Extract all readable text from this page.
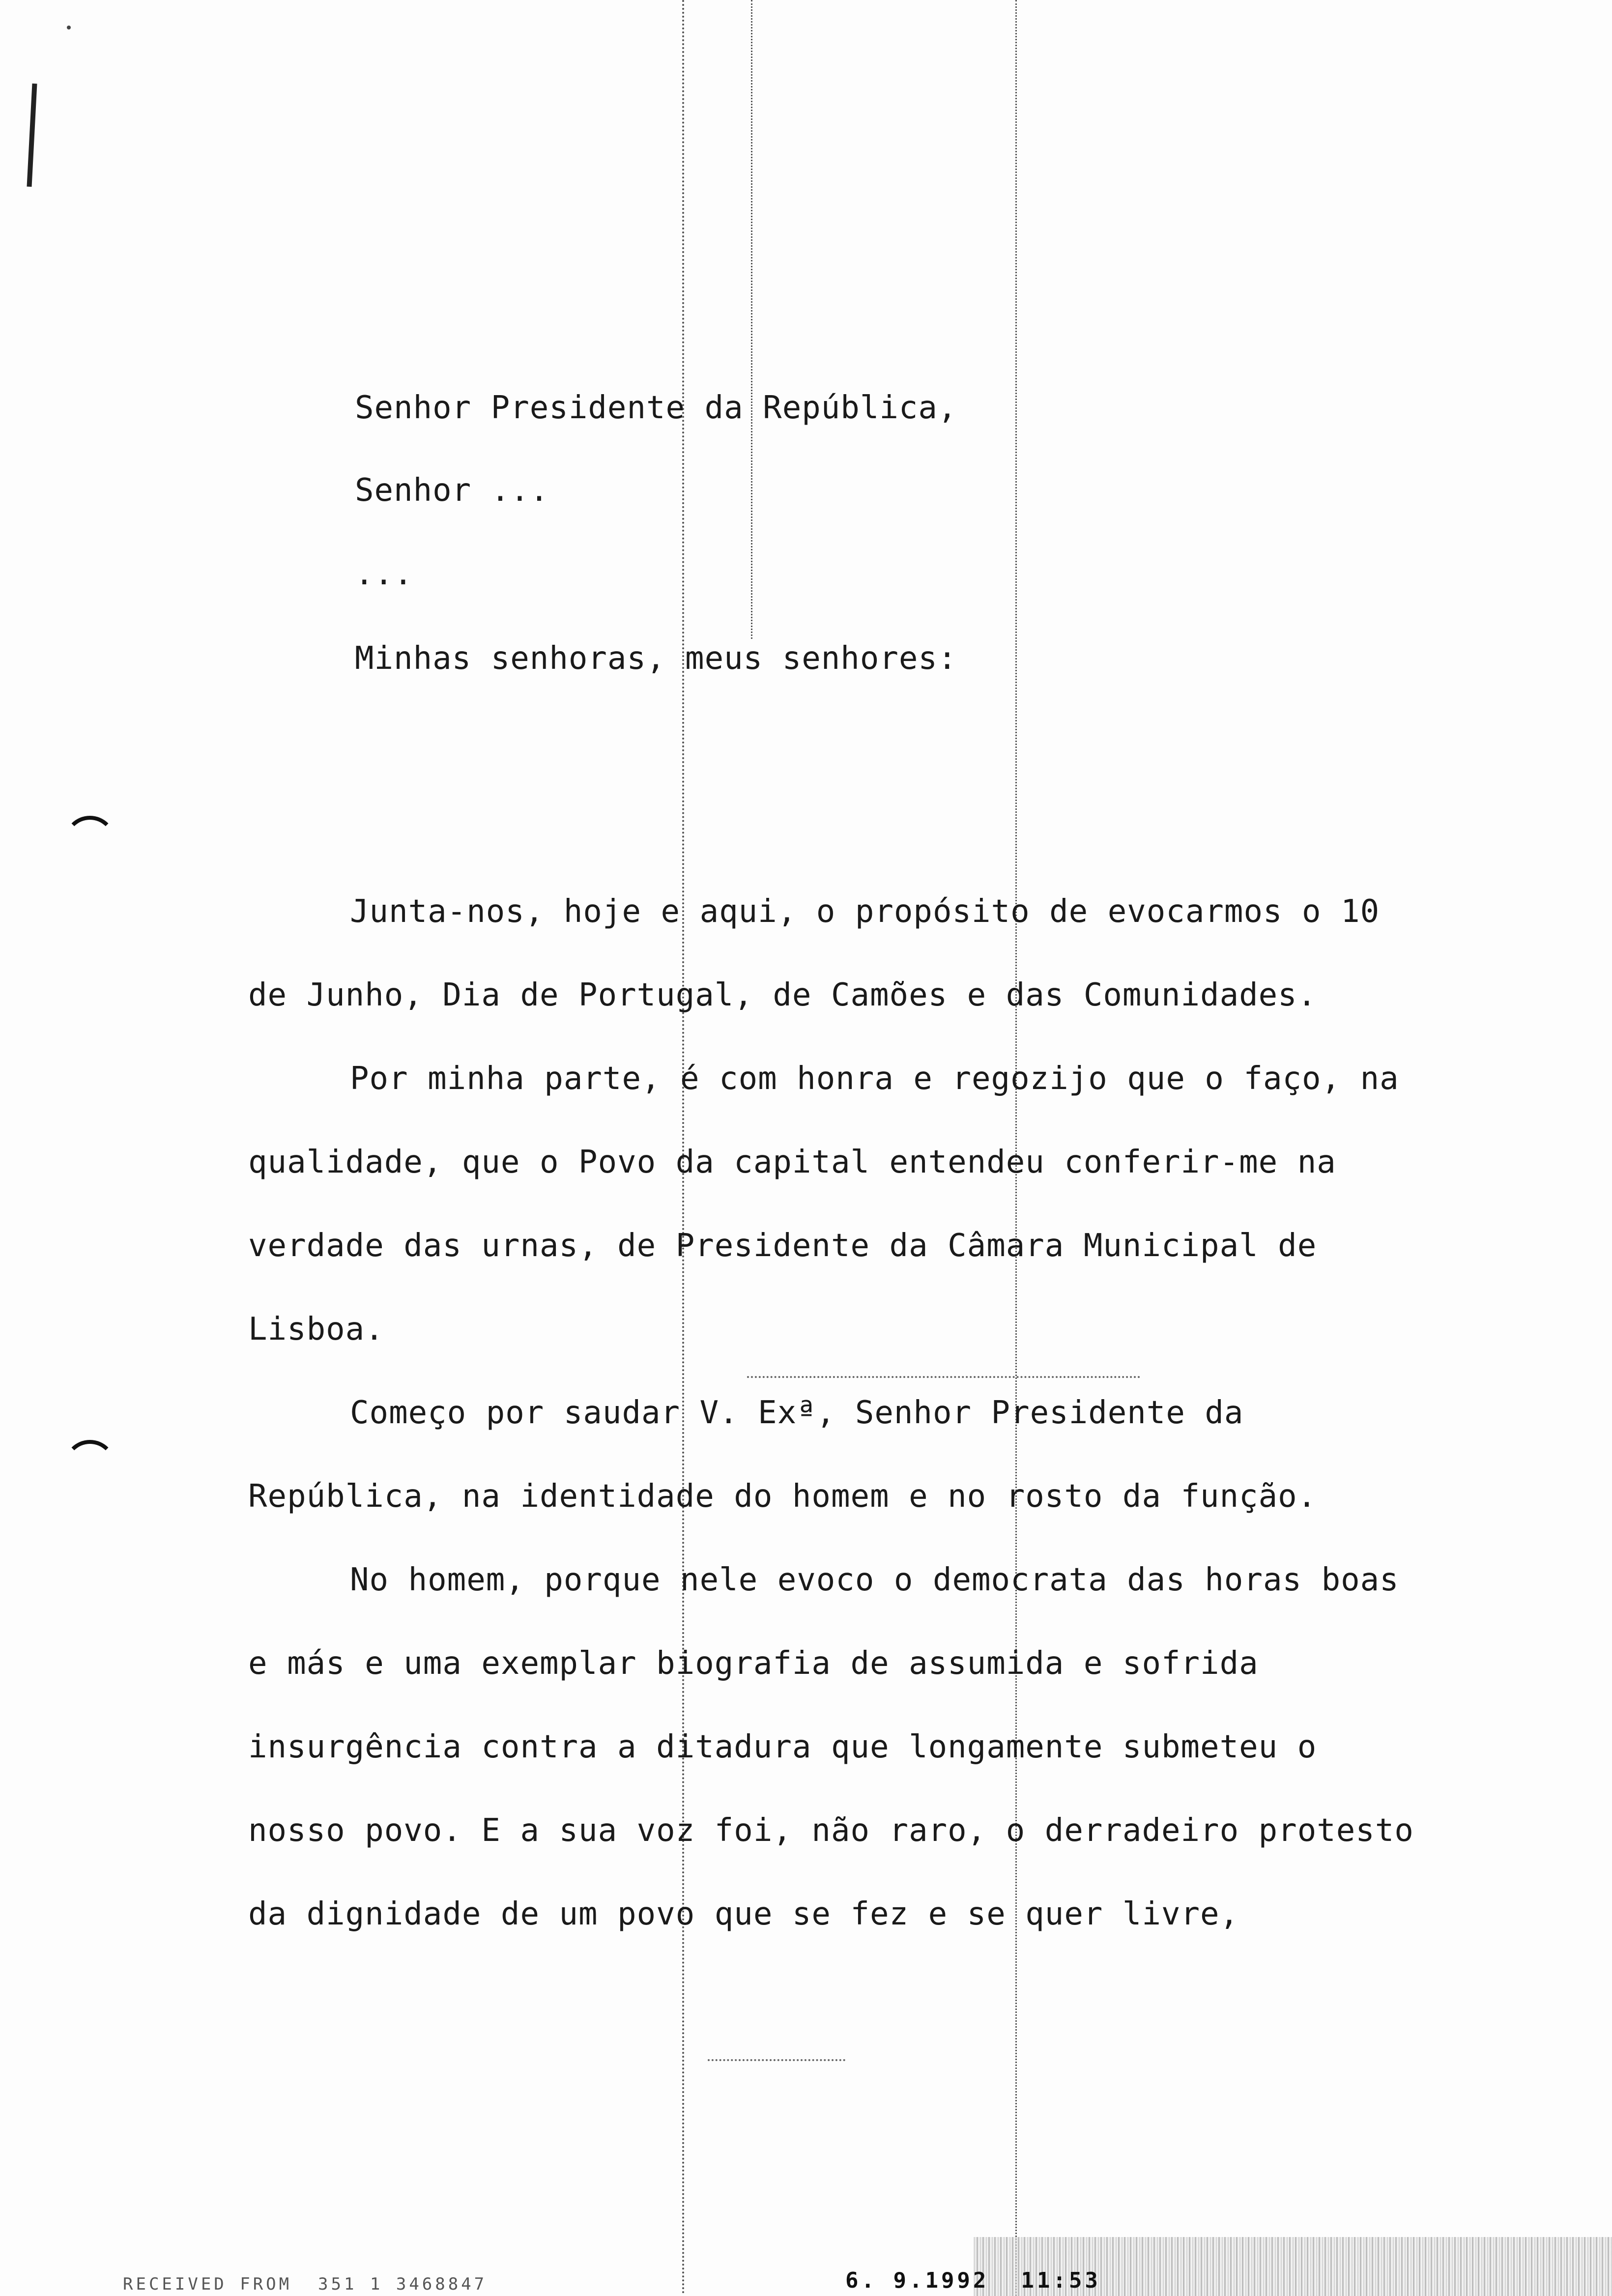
Senhor Presidente da República,
Senhor ...
...
Minhas senhoras, meus senhores:
Junta-nos, hoje e aqui, o propósito de evocarmos o 10
de Junho, Dia de Portugal, de Camões e das Comunidades.
Por minha parte, é com honra e regozijo que o faço, na
qualidade, que o Povo da capital entendeu conferir-me na
verdade das urnas, de Presidente da Câmara Municipal de
Lisboa.
Começo por saudar V. Exª, Senhor Presidente da
República, na identidade do homem e no rosto da função.
No homem, porque nele evoco o democrata das horas boas
e más e uma exemplar biografia de assumida e sofrida
insurgência contra a ditadura que longamente submeteu o
nosso povo. E a sua voz foi, não raro, o derradeiro protesto
da dignidade de um povo que se fez e se quer livre,
RECEIVED FROM  351 1 3468847	6. 9.1992  11:53
